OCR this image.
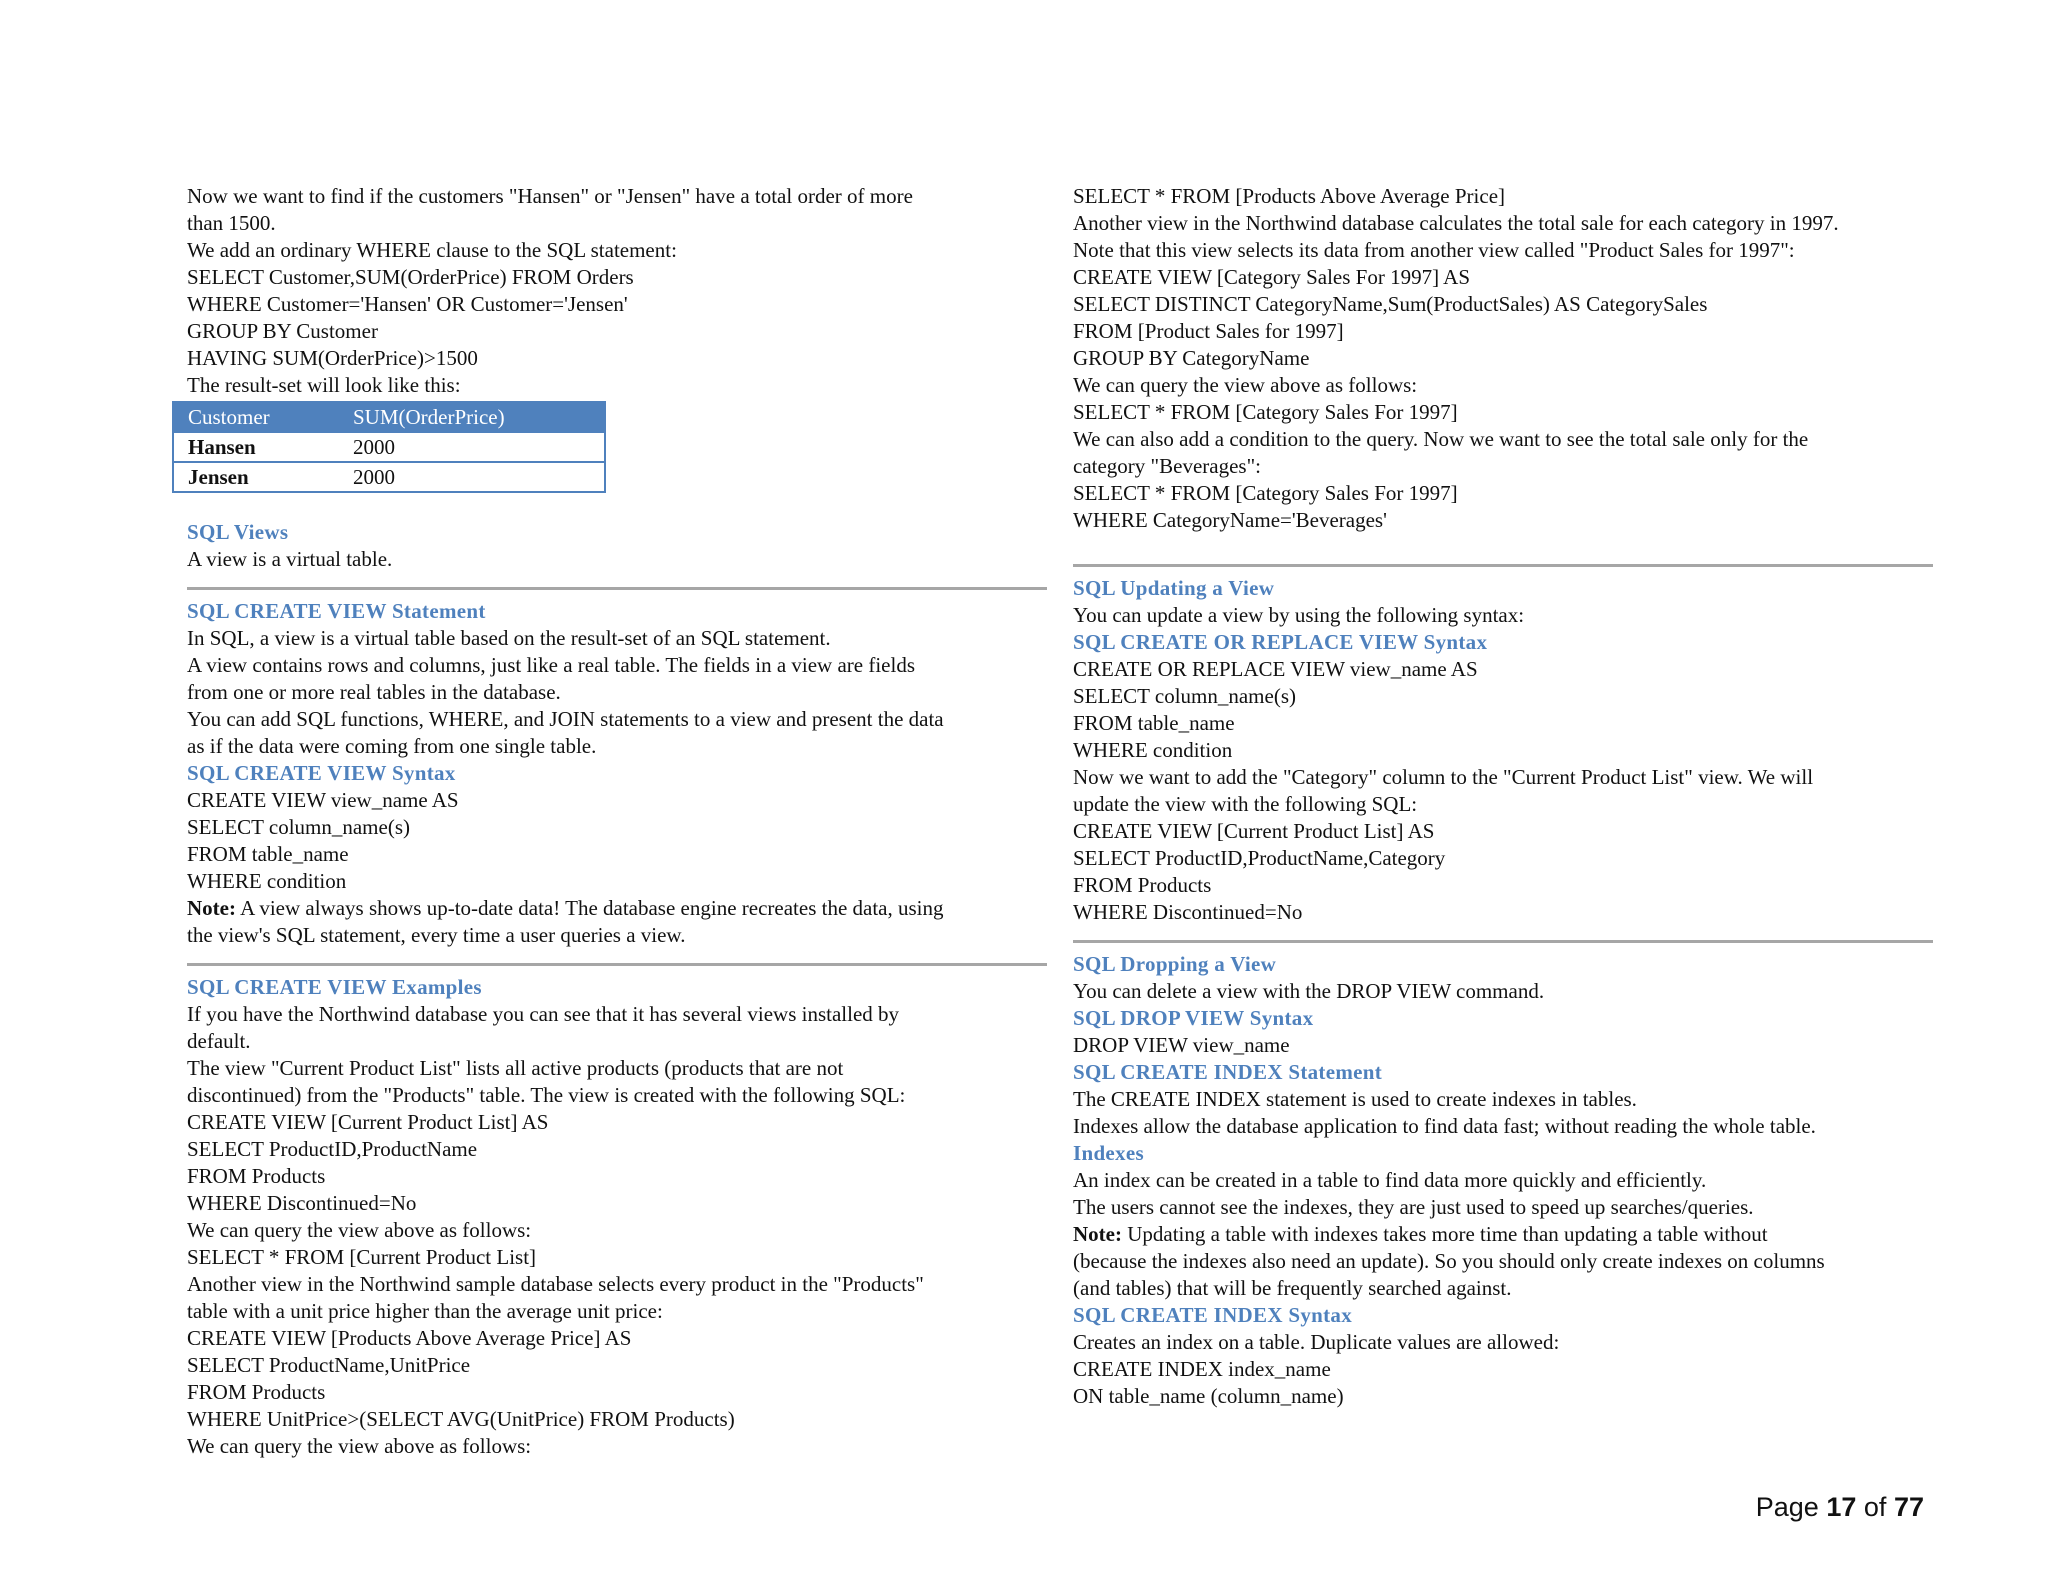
Now we want to find if the customers "Hansen" or "Jensen" have a total order of more
than 1500.
We add an ordinary WHERE clause to the SQL statement:
SELECT Customer,SUM(OrderPrice) FROM Orders
WHERE Customer='Hansen' OR Customer='Jensen'
GROUP BY Customer
HAVING SUM(OrderPrice)>1500
The result-set will look like this:
Customer	SUM(OrderPrice)
Hansen	2000
Jensen	2000
SQL Views
A view is a virtual table.
SQL CREATE VIEW Statement
In SQL, a view is a virtual table based on the result-set of an SQL statement.
A view contains rows and columns, just like a real table. The fields in a view are fields
from one or more real tables in the database.
You can add SQL functions, WHERE, and JOIN statements to a view and present the data
as if the data were coming from one single table.
SQL CREATE VIEW Syntax
CREATE VIEW view_name AS
SELECT column_name(s)
FROM table_name
WHERE condition
Note: A view always shows up-to-date data! The database engine recreates the data, using
the view's SQL statement, every time a user queries a view.
SQL CREATE VIEW Examples
If you have the Northwind database you can see that it has several views installed by
default.
The view "Current Product List" lists all active products (products that are not
discontinued) from the "Products" table. The view is created with the following SQL:
CREATE VIEW [Current Product List] AS
SELECT ProductID,ProductName
FROM Products
WHERE Discontinued=No
We can query the view above as follows:
SELECT * FROM [Current Product List]
Another view in the Northwind sample database selects every product in the "Products"
table with a unit price higher than the average unit price:
CREATE VIEW [Products Above Average Price] AS
SELECT ProductName,UnitPrice
FROM Products
WHERE UnitPrice>(SELECT AVG(UnitPrice) FROM Products)
We can query the view above as follows:
SELECT * FROM [Products Above Average Price]
Another view in the Northwind database calculates the total sale for each category in 1997.
Note that this view selects its data from another view called "Product Sales for 1997":
CREATE VIEW [Category Sales For 1997] AS
SELECT DISTINCT CategoryName,Sum(ProductSales) AS CategorySales
FROM [Product Sales for 1997]
GROUP BY CategoryName
We can query the view above as follows:
SELECT * FROM [Category Sales For 1997]
We can also add a condition to the query. Now we want to see the total sale only for the
category "Beverages":
SELECT * FROM [Category Sales For 1997]
WHERE CategoryName='Beverages'
SQL Updating a View
You can update a view by using the following syntax:
SQL CREATE OR REPLACE VIEW Syntax
CREATE OR REPLACE VIEW view_name AS
SELECT column_name(s)
FROM table_name
WHERE condition
Now we want to add the "Category" column to the "Current Product List" view. We will
update the view with the following SQL:
CREATE VIEW [Current Product List] AS
SELECT ProductID,ProductName,Category
FROM Products
WHERE Discontinued=No
SQL Dropping a View
You can delete a view with the DROP VIEW command.
SQL DROP VIEW Syntax
DROP VIEW view_name
SQL CREATE INDEX Statement
The CREATE INDEX statement is used to create indexes in tables.
Indexes allow the database application to find data fast; without reading the whole table.
Indexes
An index can be created in a table to find data more quickly and efficiently.
The users cannot see the indexes, they are just used to speed up searches/queries.
Note: Updating a table with indexes takes more time than updating a table without
(because the indexes also need an update). So you should only create indexes on columns
(and tables) that will be frequently searched against.
SQL CREATE INDEX Syntax
Creates an index on a table. Duplicate values are allowed:
CREATE INDEX index_name
ON table_name (column_name)
Page 17 of 77
